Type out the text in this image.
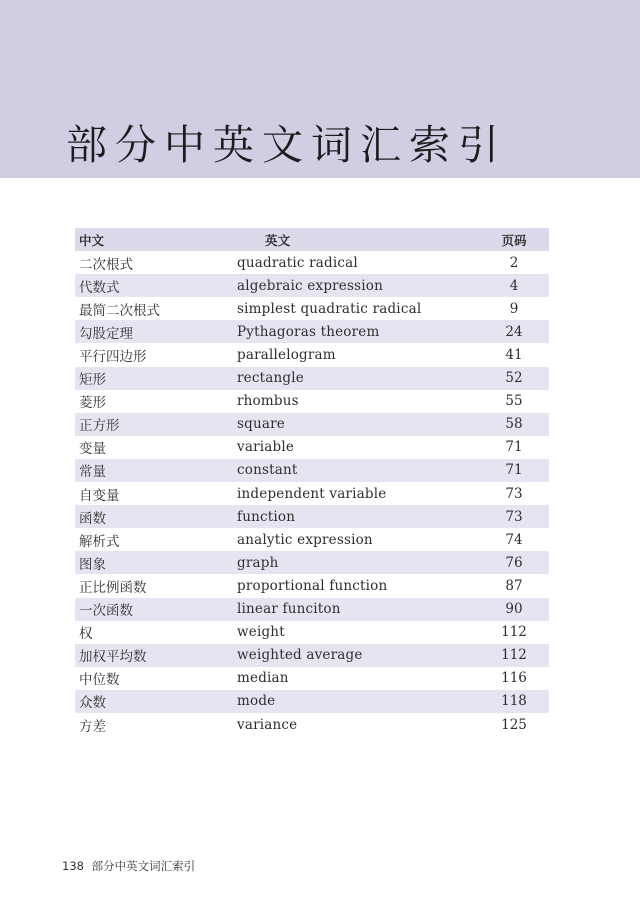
部分中英文词汇索引
中文	英文	页码
二次根式	quadratic radical	2
代数式	algebraic expression	4
最简二次根式	simplest quadratic radical	9
勾股定理	Pythagoras theorem	24
平行四边形	parallelogram	41
矩形	rectangle	52
菱形	rhombus	55
正方形	square	58
变量	variable	71
常量	constant	71
自变量	independent variable	73
函数	function	73
解析式	analytic expression	74
图象	graph	76
正比例函数	proportional function	87
一次函数	linear funciton	90
权	weight	112
加权平均数	weighted average	112
中位数	median	116
众数	mode	118
方差	variance	125
138 部分中英文词汇索引
